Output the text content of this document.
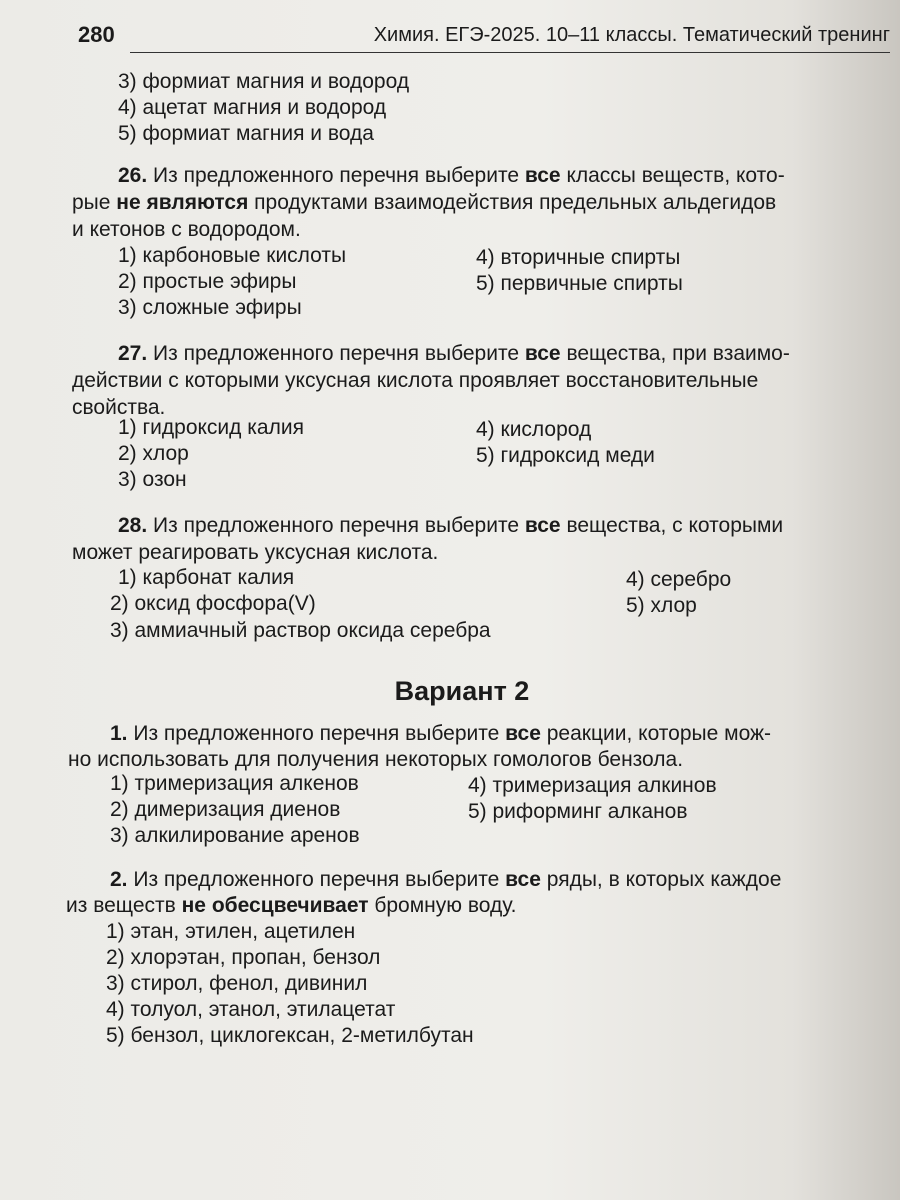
280	Химия. ЕГЭ-2025. 10–11 классы. Тематический тренинг
3) формиат магния и водород
4) ацетат магния и водород
5) формиат магния и вода
26. Из предложенного перечня выберите все классы веществ, кото-
рые не являются продуктами взаимодействия предельных альдегидов
и кетонов с водородом.
1) карбоновые кислоты
2) простые эфиры
3) сложные эфиры
4) вторичные спирты
5) первичные спирты
27. Из предложенного перечня выберите все вещества, при взаимо-
действии с которыми уксусная кислота проявляет восстановительные
свойства.
1) гидроксид калия
2) хлор
3) озон
4) кислород
5) гидроксид меди
28. Из предложенного перечня выберите все вещества, с которыми
может реагировать уксусная кислота.
1) карбонат калия
2) оксид фосфора(V)
3) аммиачный раствор оксида серебра
4) серебро
5) хлор
Вариант 2
1. Из предложенного перечня выберите все реакции, которые мож-
но использовать для получения некоторых гомологов бензола.
1) тримеризация алкенов
2) димеризация диенов
3) алкилирование аренов
4) тримеризация алкинов
5) риформинг алканов
2. Из предложенного перечня выберите все ряды, в которых каждое
из веществ не обесцвечивает бромную воду.
1) этан, этилен, ацетилен
2) хлорэтан, пропан, бензол
3) стирол, фенол, дивинил
4) толуол, этанол, этилацетат
5) бензол, циклогексан, 2-метилбутан
